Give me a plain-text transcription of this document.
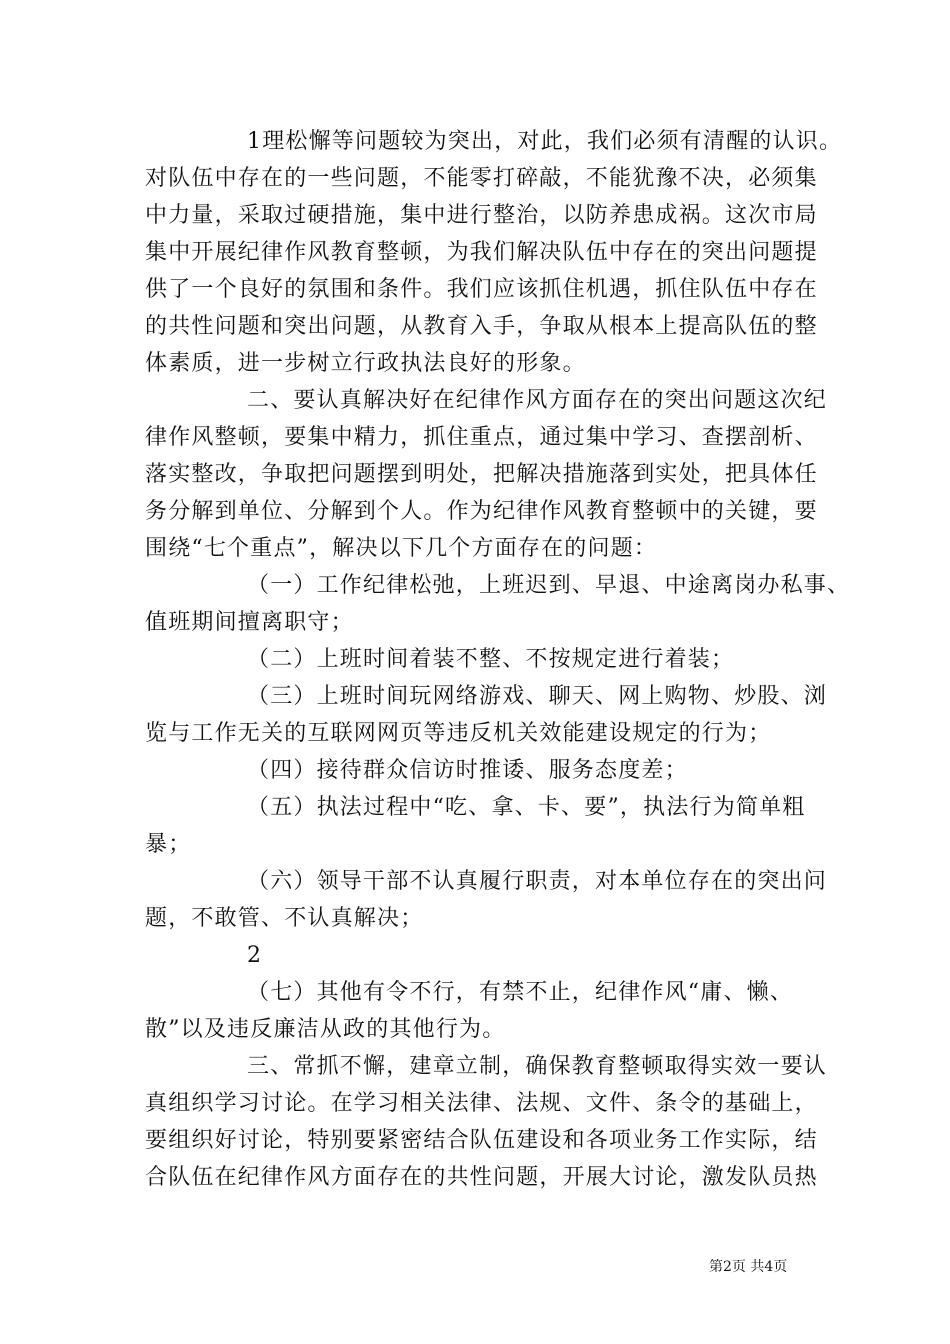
1理松懈等问题较为突出，对此，我们必须有清醒的认识。
对队伍中存在的一些问题，不能零打碎敲，不能犹豫不决，必须集
中力量，采取过硬措施，集中进行整治，以防养患成祸。这次市局
集中开展纪律作风教育整顿，为我们解决队伍中存在的突出问题提
供了一个良好的氛围和条件。我们应该抓住机遇，抓住队伍中存在
的共性问题和突出问题，从教育入手，争取从根本上提高队伍的整
体素质，进一步树立行政执法良好的形象。
二、要认真解决好在纪律作风方面存在的突出问题这次纪
律作风整顿，要集中精力，抓住重点，通过集中学习、查摆剖析、
落实整改，争取把问题摆到明处，把解决措施落到实处，把具体任
务分解到单位、分解到个人。作为纪律作风教育整顿中的关键，要
围绕“七个重点”，解决以下几个方面存在的问题：
（一）工作纪律松弛，上班迟到、早退、中途离岗办私事、
值班期间擅离职守；
（二）上班时间着装不整、不按规定进行着装；
（三）上班时间玩网络游戏、聊天、网上购物、炒股、浏
览与工作无关的互联网网页等违反机关效能建设规定的行为；
（四）接待群众信访时推诿、服务态度差；
（五）执法过程中“吃、拿、卡、要”，执法行为简单粗
暴；
（六）领导干部不认真履行职责，对本单位存在的突出问
题，不敢管、不认真解决；
2
（七）其他有令不行，有禁不止，纪律作风“庸、懒、
散”以及违反廉洁从政的其他行为。
三、常抓不懈，建章立制，确保教育整顿取得实效一要认
真组织学习讨论。在学习相关法律、法规、文件、条令的基础上，
要组织好讨论，特别要紧密结合队伍建设和各项业务工作实际，结
合队伍在纪律作风方面存在的共性问题，开展大讨论，激发队员热
第2页 共4页
